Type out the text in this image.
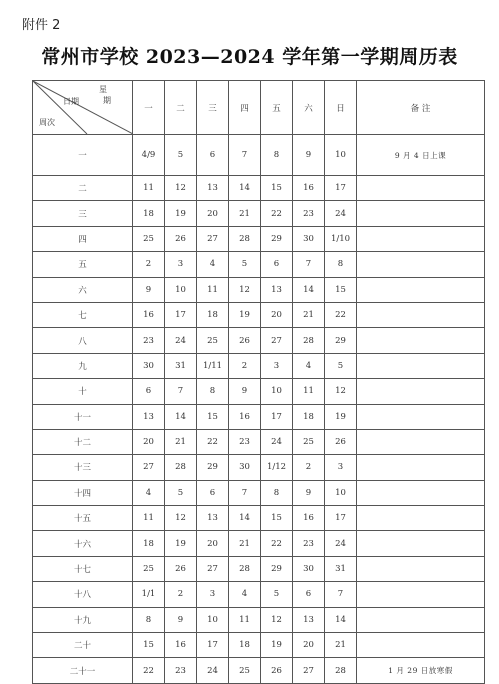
附件 2
常州市学校 2023—2024 学年第一学期周历表
星
期
日期
周次	一	二	三	四	五	六	日	备 注
一	4/9	5	6	7	8	9	10	9 月 4 日上课
二	11	12	13	14	15	16	17	
三	18	19	20	21	22	23	24	
四	25	26	27	28	29	30	1/10	
五	2	3	4	5	6	7	8	
六	9	10	11	12	13	14	15	
七	16	17	18	19	20	21	22	
八	23	24	25	26	27	28	29	
九	30	31	1/11	2	3	4	5	
十	6	7	8	9	10	11	12	
十一	13	14	15	16	17	18	19	
十二	20	21	22	23	24	25	26	
十三	27	28	29	30	1/12	2	3	
十四	4	5	6	7	8	9	10	
十五	11	12	13	14	15	16	17	
十六	18	19	20	21	22	23	24	
十七	25	26	27	28	29	30	31	
十八	1/1	2	3	4	5	6	7	
十九	8	9	10	11	12	13	14	
二十	15	16	17	18	19	20	21	
二十一	22	23	24	25	26	27	28	1 月 29 日放寒假
